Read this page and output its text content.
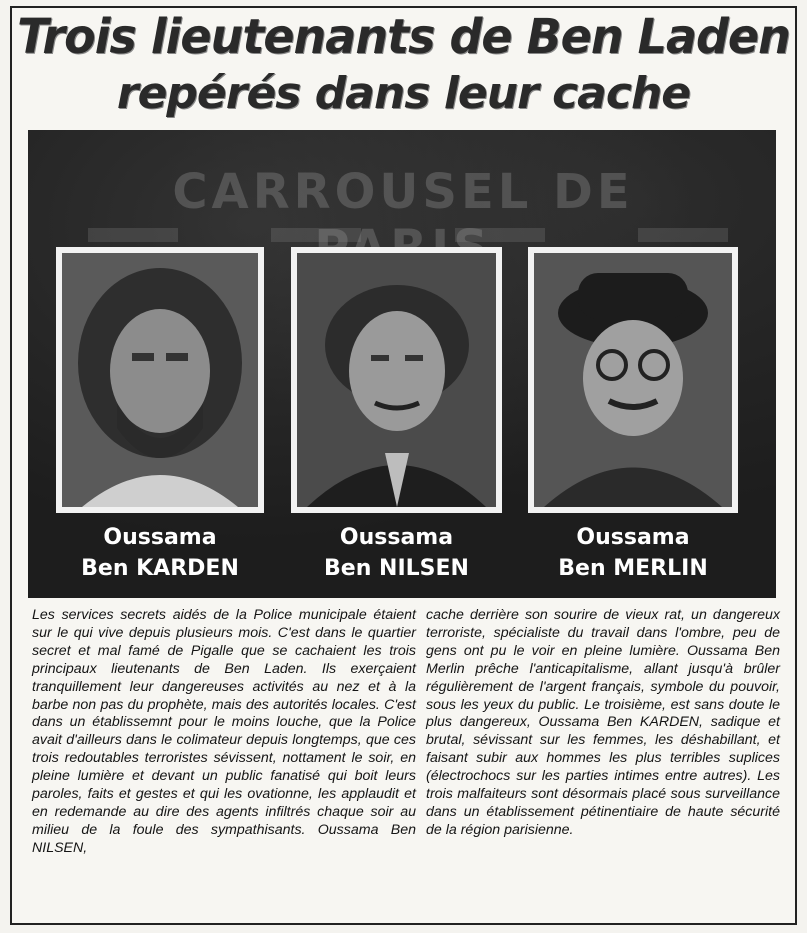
Trois lieutenants de Ben Laden
repérés dans leur cache
CARROUSEL DE
Oussama
Ben KARDEN
Oussama
Ben NILSEN
Oussama
Ben MERLIN
Les services secrets aidés de la Police municipale étaient sur le qui vive depuis plusieurs mois. C'est dans le quartier secret et mal famé de Pigalle que se cachaient les trois principaux lieutenants de Ben Laden. Ils exerçaient tranquillement leur dangereuses activités au nez et à la barbe non pas du prophète, mais des autorités locales. C'est dans un établissemnt pour le moins louche, que la Police avait d'ailleurs dans le colimateur depuis longtemps, que ces trois redoutables terroristes sévissent, nottament le soir, en pleine lumière et devant un public fanatisé qui boit leurs paroles, faits et gestes et qui les ovationne, les applaudit et en redemande au dire des agents infiltrés chaque soir au milieu de la foule des sympathisants. Oussama Ben NILSEN,
cache derrière son sourire de vieux rat, un dangereux terroriste, spécialiste du travail dans l'ombre, peu de gens ont pu le voir en pleine lumière. Oussama Ben Merlin prêche l'anticapitalisme, allant jusqu'à brûler régulièrement de l'argent français, symbole du pouvoir, sous les yeux du public. Le troisième, est sans doute le plus dangereux, Oussama Ben KARDEN, sadique et brutal, sévissant sur les femmes, les déshabillant, et faisant subir aux hommes les plus terribles suplices (électrochocs sur les parties intimes entre autres). Les trois malfaiteurs sont désormais placé sous surveillance dans un établissement pétinentiaire de haute sécurité de la région parisienne.
